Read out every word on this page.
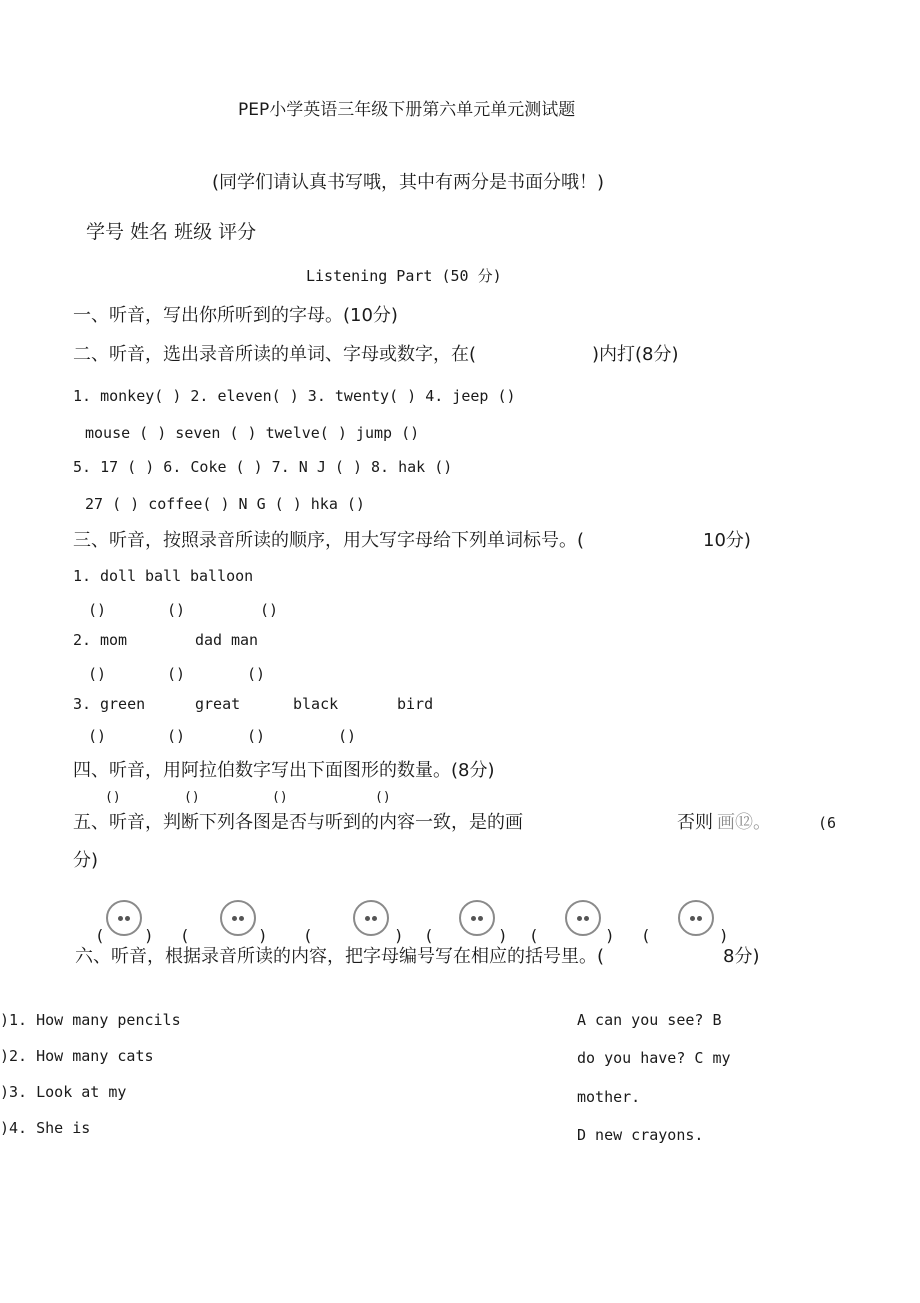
PEP小学英语三年级下册第六单元单元测试题
(同学们请认真书写哦，其中有两分是书面分哦！)
学号 姓名 班级 评分
Listening Part (50 分)
一、听音，写出你所听到的字母。(10分)
二、听音，选出录音所读的单词、字母或数字，在(	)内打(8分)
1. monkey( ) 2. eleven( ) 3. twenty( ) 4. jeep ()
mouse ( ) seven ( ) twelve( ) jump ()
5. 17 ( ) 6. Coke ( ) 7. N J ( ) 8. hak ()
27 ( ) coffee( ) N G ( ) hka ()
三、听音，按照录音所读的顺序，用大写字母给下列单词标号。(	10分)
1. doll ball balloon
()	()	()
2. mom	dad man
()	()	()
3. green	great	black	bird
()	()	()	()
四、听音，用阿拉伯数字写出下面图形的数量。(8分)
()	()	()	()
五、听音，判断下列各图是否与听到的内容一致，是的画	否则 画⑫。	(6
分)
( ) (	) (	) (	) (	) (	)
六、听音，根据录音所读的内容，把字母编号写在相应的括号里。(	8分)
)1. How many pencils
)2. How many cats
)3. Look at my
)4. She is
A can you see? B
do you have? C my
mother.
D new crayons.
